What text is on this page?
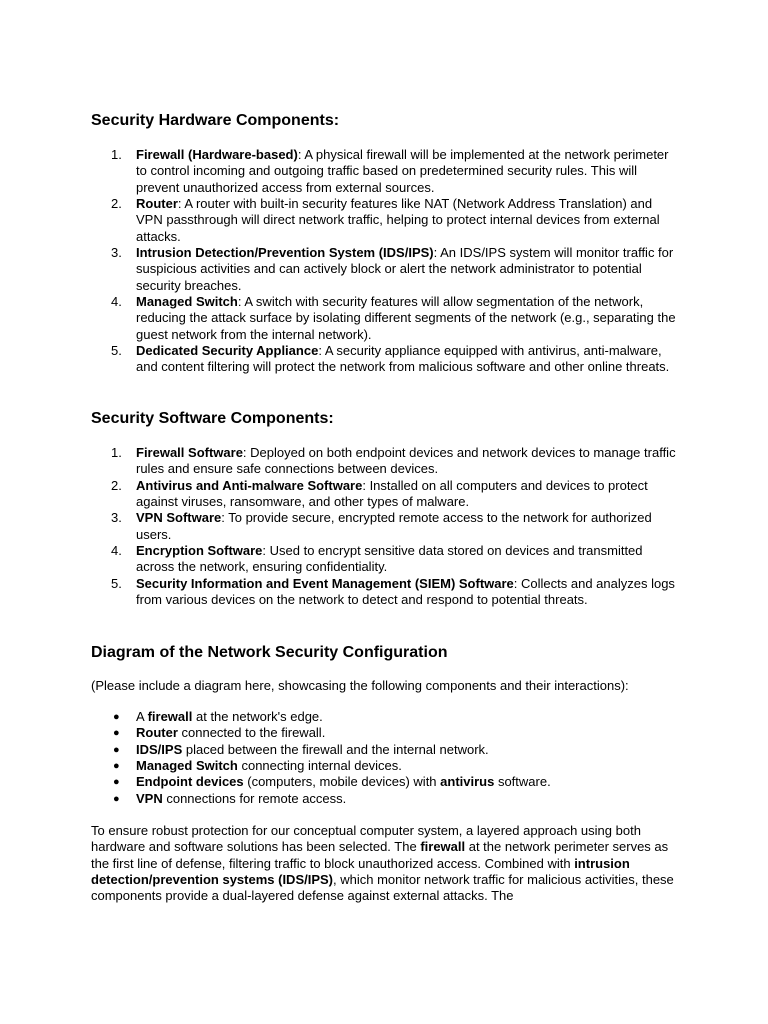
Security Hardware Components:
1. Firewall (Hardware-based): A physical firewall will be implemented at the network perimeter to control incoming and outgoing traffic based on predetermined security rules. This will prevent unauthorized access from external sources.
2. Router: A router with built-in security features like NAT (Network Address Translation) and VPN passthrough will direct network traffic, helping to protect internal devices from external attacks.
3. Intrusion Detection/Prevention System (IDS/IPS): An IDS/IPS system will monitor traffic for suspicious activities and can actively block or alert the network administrator to potential security breaches.
4. Managed Switch: A switch with security features will allow segmentation of the network, reducing the attack surface by isolating different segments of the network (e.g., separating the guest network from the internal network).
5. Dedicated Security Appliance: A security appliance equipped with antivirus, anti-malware, and content filtering will protect the network from malicious software and other online threats.
Security Software Components:
1. Firewall Software: Deployed on both endpoint devices and network devices to manage traffic rules and ensure safe connections between devices.
2. Antivirus and Anti-malware Software: Installed on all computers and devices to protect against viruses, ransomware, and other types of malware.
3. VPN Software: To provide secure, encrypted remote access to the network for authorized users.
4. Encryption Software: Used to encrypt sensitive data stored on devices and transmitted across the network, ensuring confidentiality.
5. Security Information and Event Management (SIEM) Software: Collects and analyzes logs from various devices on the network to detect and respond to potential threats.
Diagram of the Network Security Configuration

(Please include a diagram here, showcasing the following components and their interactions):

● A firewall at the network's edge.
● Router connected to the firewall.
● IDS/IPS placed between the firewall and the internal network.
● Managed Switch connecting internal devices.
● Endpoint devices (computers, mobile devices) with antivirus software.
● VPN connections for remote access.

To ensure robust protection for our conceptual computer system, a layered approach using both hardware and software solutions has been selected. The firewall at the network perimeter serves as the first line of defense, filtering traffic to block unauthorized access. Combined with intrusion detection/prevention systems (IDS/IPS), which monitor network traffic for malicious activities, these components provide a dual-layered defense against external attacks. The
